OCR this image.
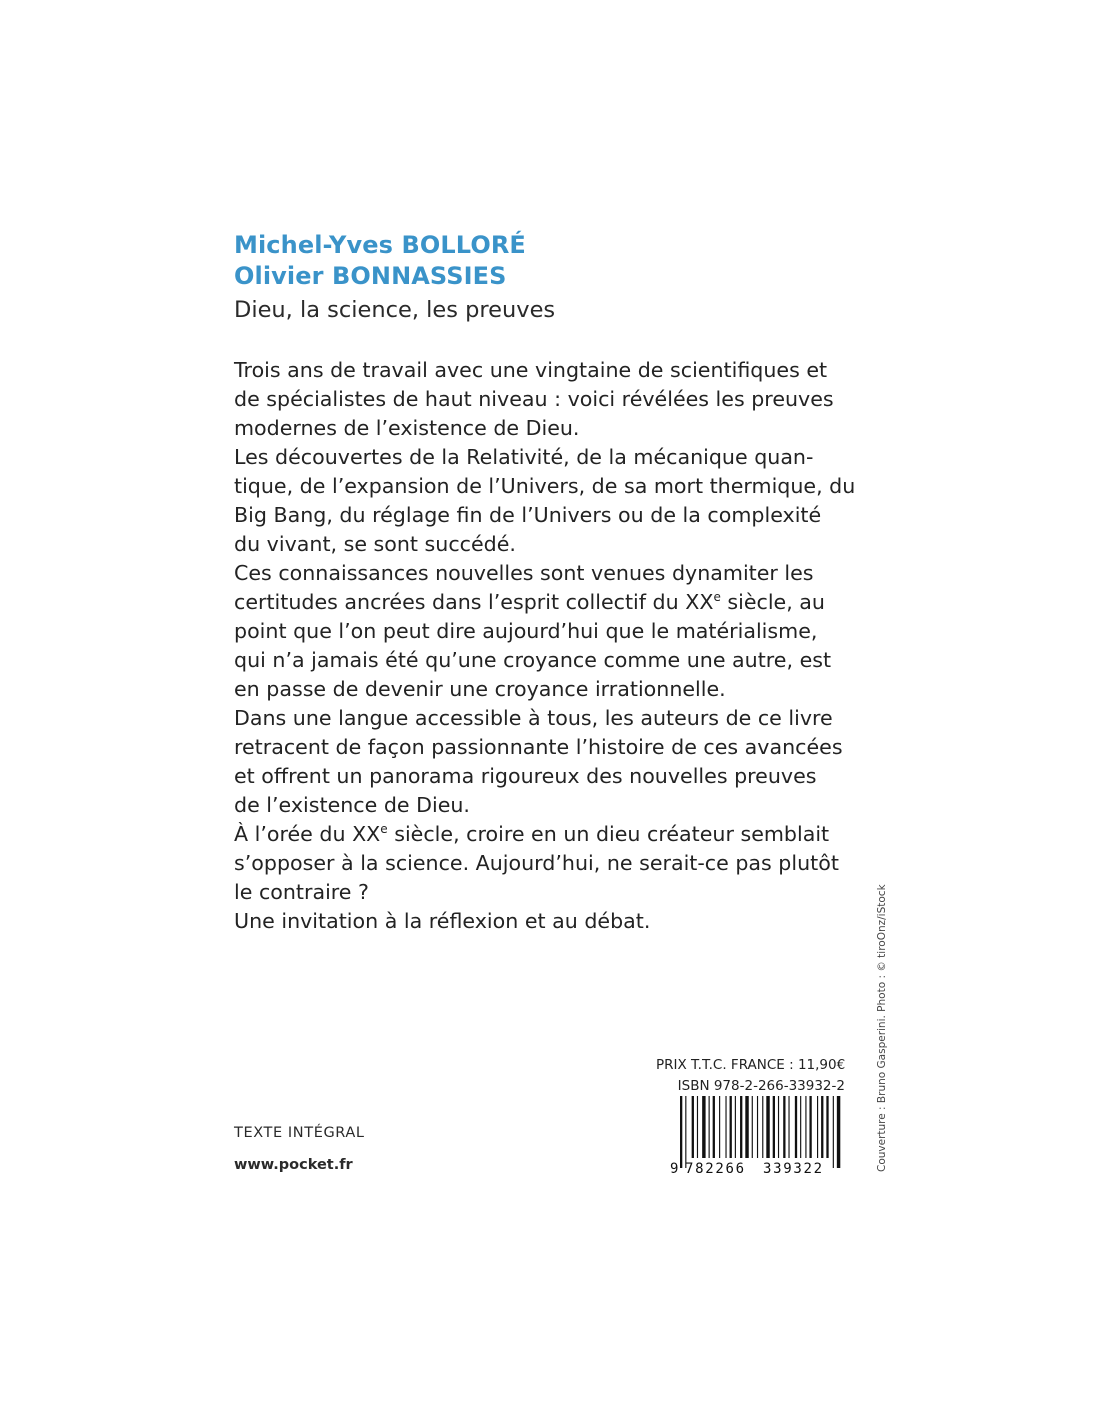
Michel-Yves BOLLORÉ
Olivier BONNASSIES
Dieu, la science, les preuves
Trois ans de travail avec une vingtaine de scientifiques et
de spécialistes de haut niveau : voici révélées les preuves
modernes de l’existence de Dieu.
Les découvertes de la Relativité, de la mécanique quan-
tique, de l’expansion de l’Univers, de sa mort thermique, du
Big Bang, du réglage fin de l’Univers ou de la complexité
du vivant, se sont succédé.
Ces connaissances nouvelles sont venues dynamiter les
certitudes ancrées dans l’esprit collectif du XXe siècle, au
point que l’on peut dire aujourd’hui que le matérialisme,
qui n’a jamais été qu’une croyance comme une autre, est
en passe de devenir une croyance irrationnelle.
Dans une langue accessible à tous, les auteurs de ce livre
retracent de façon passionnante l’histoire de ces avancées
et offrent un panorama rigoureux des nouvelles preuves
de l’existence de Dieu.
À l’orée du XXe siècle, croire en un dieu créateur semblait
s’opposer à la science. Aujourd’hui, ne serait-ce pas plutôt
le contraire ?
Une invitation à la réflexion et au débat.
PRIX T.T.C. FRANCE : 11,90€
ISBN 978-2-266-33932-2
9 782266 339322
TEXTE INTÉGRAL
www.pocket.fr	Couverture : Bruno Gasperini. Photo : © tiroOnz/iStock
